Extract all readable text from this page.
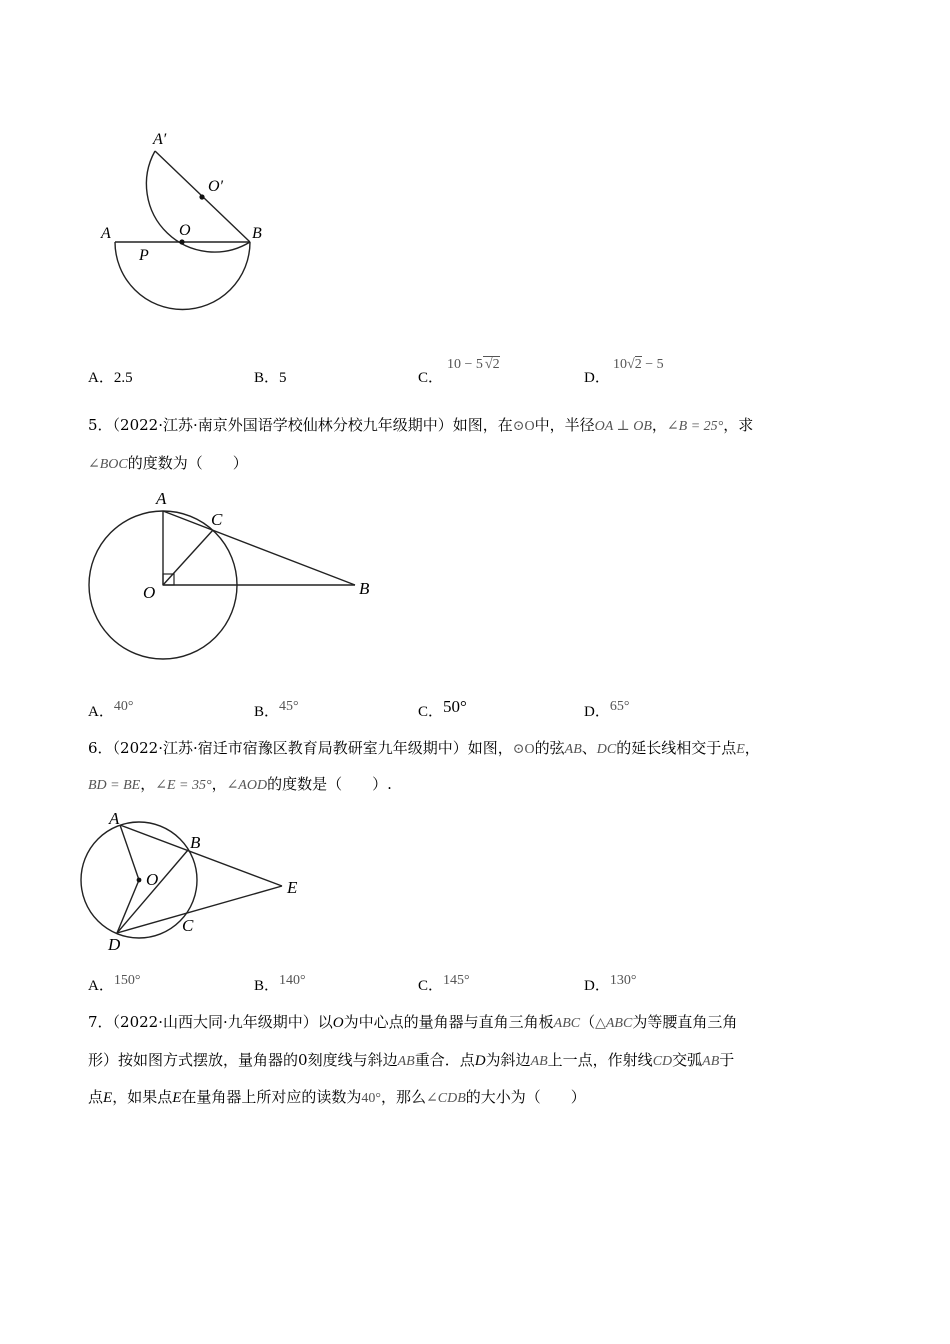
A′
O′
A	O	B
P
A．2.5	B．5	C．
10 − 5 √2
D．
10√2 − 5
5．（2022·江苏·南京外国语学校仙林分校九年级期中）如图，在⊙O中，半径OA ⊥ OB，∠B = 25°，求
∠BOC的度数为（　　）
A
C
O	B
A．40°	B．45°	C．50°	D．65°
6．（2022·江苏·宿迁市宿豫区教育局教研室九年级期中）如图，⊙O的弦AB、DC的延长线相交于点E，
BD = BE，∠E = 35°，∠AOD的度数是（　　）.
A
B
O	E
C
D
A．150°	B．140°	C．145°	D．130°
7．（2022·山西大同·九年级期中）以O为中心点的量角器与直角三角板ABC（△ABC为等腰直角三角
形）按如图方式摆放，量角器的0刻度线与斜边AB重合．点D为斜边AB上一点，作射线CD交弧AB于
点E，如果点E在量角器上所对应的读数为40°，那么∠CDB的大小为（　　）
